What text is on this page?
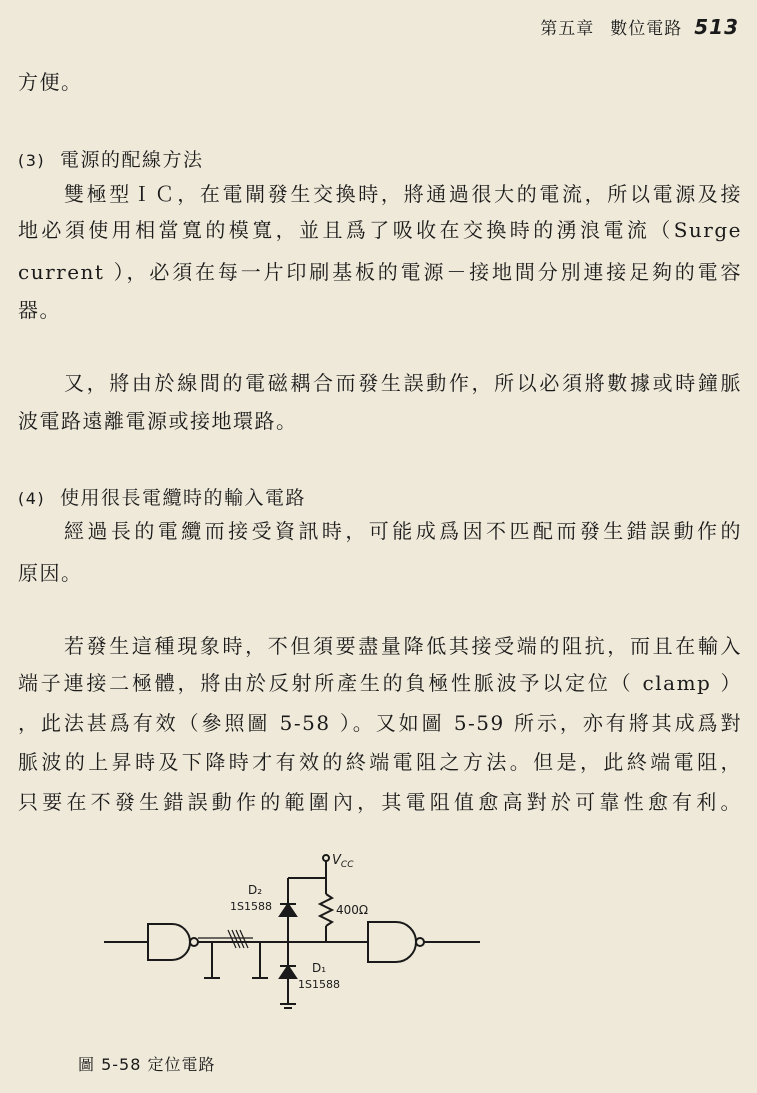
第五章 數位電路 513
方便。
(3) 電源的配線方法
雙極型ＩＣ，在電閘發生交換時，將通過很大的電流，所以電源及接
地必須使用相當寬的模寬，並且爲了吸收在交換時的湧浪電流（Surge
current ），必須在每一片印刷基板的電源－接地間分別連接足夠的電容
器。
又，將由於線間的電磁耦合而發生誤動作，所以必須將數據或時鐘脈
波電路遠離電源或接地環路。
(4) 使用很長電纜時的輸入電路
經過長的電纜而接受資訊時，可能成爲因不匹配而發生錯誤動作的
原因。
若發生這種現象時，不但須要盡量降低其接受端的阻抗，而且在輸入
端子連接二極體，將由於反射所產生的負極性脈波予以定位（ clamp ）
，此法甚爲有效（參照圖 5-58 ）。又如圖 5-59 所示，亦有將其成爲對
脈波的上昇時及下降時才有效的終端電阻之方法。但是，此終端電阻，
只要在不發生錯誤動作的範圍內，其電阻值愈高對於可靠性愈有利。
$V_{CC}$
D₂
1S1588	400Ω
D₁
1S1588
圖 5-58 定位電路
